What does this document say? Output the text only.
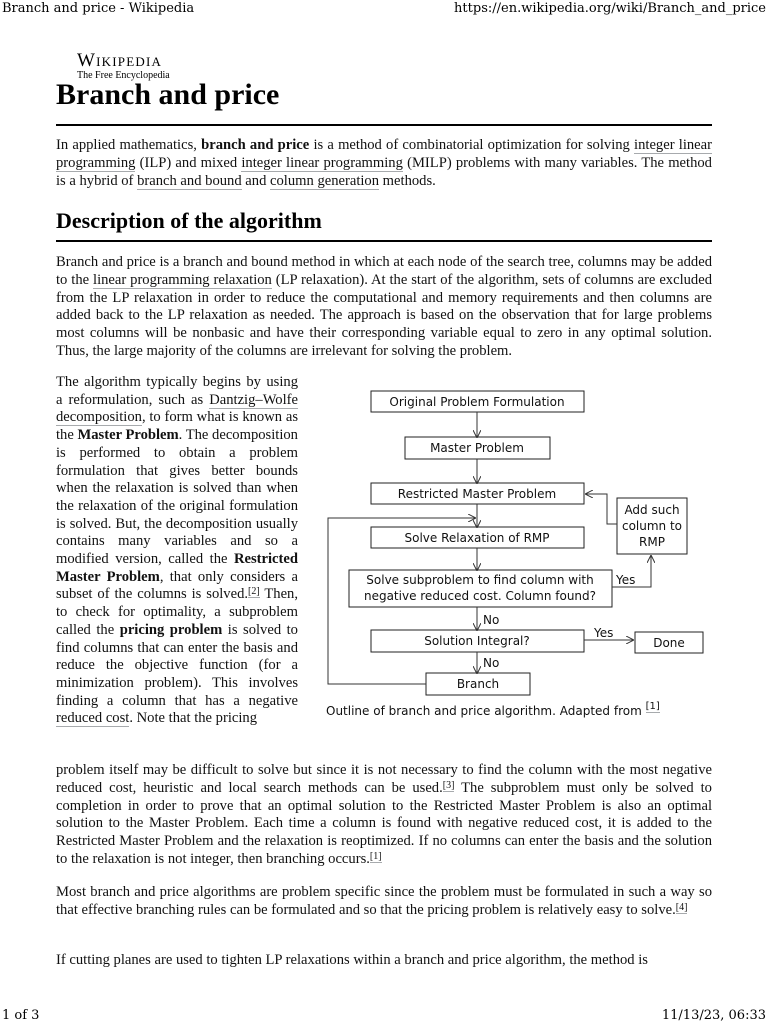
Branch and price - Wikipedia	https://en.wikipedia.org/wiki/Branch_and_price
Wikipedia
The Free Encyclopedia
Branch and price

In applied mathematics, branch and price is a method of combinatorial optimization for solving integer linear programming (ILP) and mixed integer linear programming (MILP) problems with many variables. The method is a hybrid of branch and bound and column generation methods.

Description of the algorithm

Branch and price is a branch and bound method in which at each node of the search tree, columns may be added to the linear programming relaxation (LP relaxation). At the start of the algorithm, sets of columns are excluded from the LP relaxation in order to reduce the computational and memory requirements and then columns are added back to the LP relaxation as needed. The approach is based on the observation that for large problems most columns will be nonbasic and have their corresponding variable equal to zero in any optimal solution. Thus, the large majority of the columns are irrelevant for solving the problem.

The algorithm typically begins by using a reformulation, such as Dantzig–Wolfe decomposition, to form what is known as the Master Problem. The decomposition is performed to obtain a problem formulation that gives better bounds when the relaxation is solved than when the relaxation of the original formulation is solved. But, the decomposition usually contains many variables and so a modified version, called the Restricted Master Problem, that only considers a subset of the columns is solved.[2] Then, to check for optimality, a subproblem called the pricing problem is solved to find columns that can enter the basis and reduce the objective function (for a minimization problem). This involves finding a column that has a negative reduced cost. Note that the pricing

problem itself may be difficult to solve but since it is not necessary to find the column with the most negative reduced cost, heuristic and local search methods can be used.[3] The subproblem must only be solved to completion in order to prove that an optimal solution to the Restricted Master Problem is also an optimal solution to the Master Problem. Each time a column is found with negative reduced cost, it is added to the Restricted Master Problem and the relaxation is reoptimized. If no columns can enter the basis and the solution to the relaxation is not integer, then branching occurs.[1]

Most branch and price algorithms are problem specific since the problem must be formulated in such a way so that effective branching rules can be formulated and so that the pricing problem is relatively easy to solve.[4]

If cutting planes are used to tighten LP relaxations within a branch and price algorithm, the method is

Original Problem Formulation
Master Problem
Restricted Master Problem
Solve Relaxation of RMP
Solve subproblem to find column with
negative reduced cost. Column found?
Solution Integral?	Done
Branch
Add such
column to
RMP
Yes
No
Yes
No
Outline of branch and price algorithm. Adapted from [1]
1 of 3	11/13/23, 06:33
